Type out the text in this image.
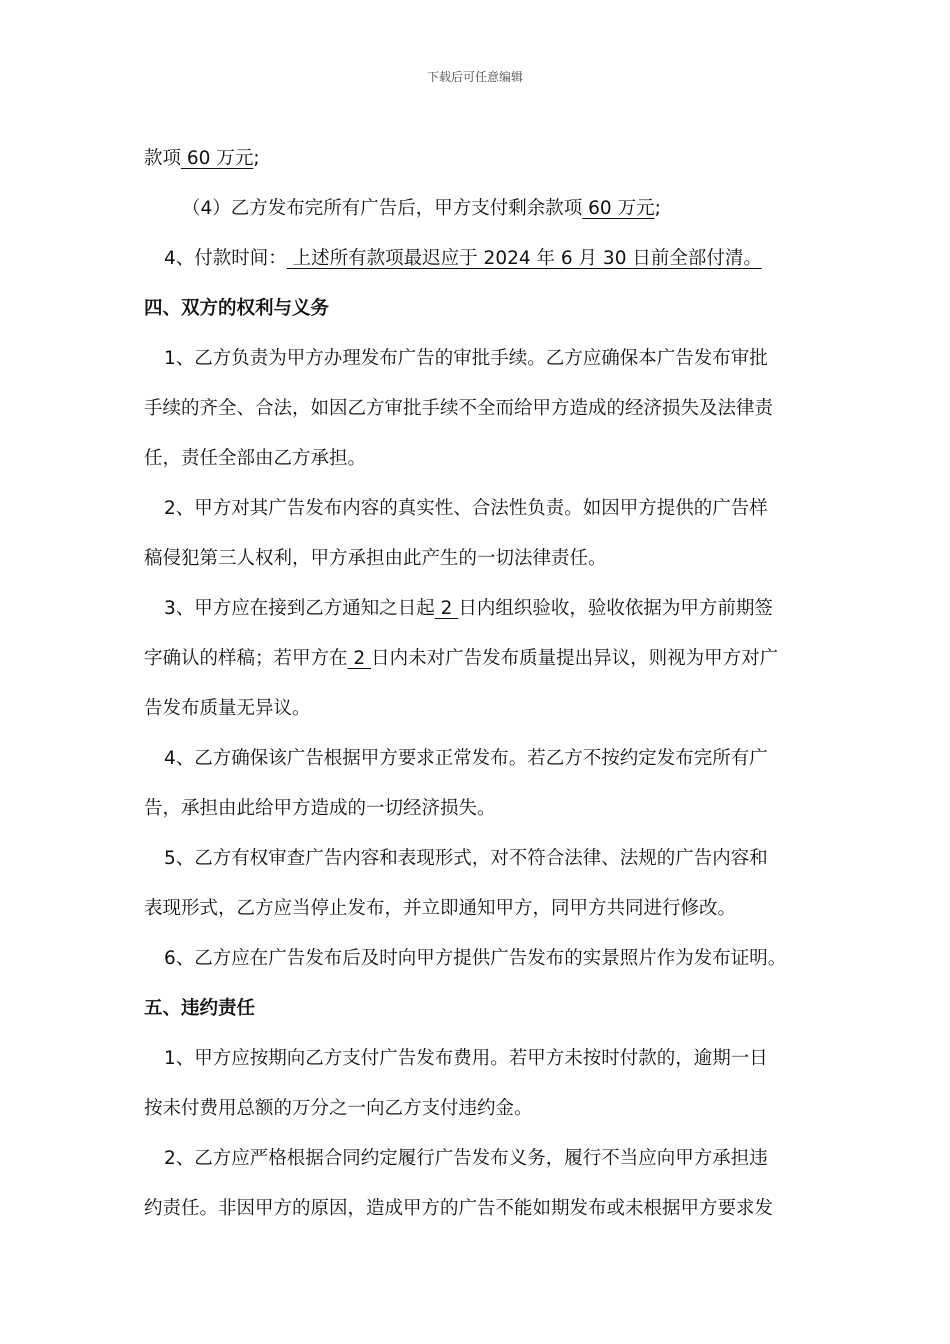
下载后可任意编辑
款项 60 万元;
（4）乙方发布完所有广告后，甲方支付剩余款项 60 万元;
4、付款时间： 上述所有款项最迟应于 2024 年 6 月 30 日前全部付清。
四、双方的权利与义务
1、乙方负责为甲方办理发布广告的审批手续。乙方应确保本广告发布审批
手续的齐全、合法，如因乙方审批手续不全而给甲方造成的经济损失及法律责
任，责任全部由乙方承担。
2、甲方对其广告发布内容的真实性、合法性负责。如因甲方提供的广告样
稿侵犯第三人权利，甲方承担由此产生的一切法律责任。
3、甲方应在接到乙方通知之日起 2 日内组织验收，验收依据为甲方前期签
字确认的样稿；若甲方在 2 日内未对广告发布质量提出异议，则视为甲方对广
告发布质量无异议。
4、乙方确保该广告根据甲方要求正常发布。若乙方不按约定发布完所有广
告，承担由此给甲方造成的一切经济损失。
5、乙方有权审查广告内容和表现形式，对不符合法律、法规的广告内容和
表现形式，乙方应当停止发布，并立即通知甲方，同甲方共同进行修改。
6、乙方应在广告发布后及时向甲方提供广告发布的实景照片作为发布证明。
五、违约责任
1、甲方应按期向乙方支付广告发布费用。若甲方未按时付款的，逾期一日
按未付费用总额的万分之一向乙方支付违约金。
2、乙方应严格根据合同约定履行广告发布义务，履行不当应向甲方承担违
约责任。非因甲方的原因，造成甲方的广告不能如期发布或未根据甲方要求发
